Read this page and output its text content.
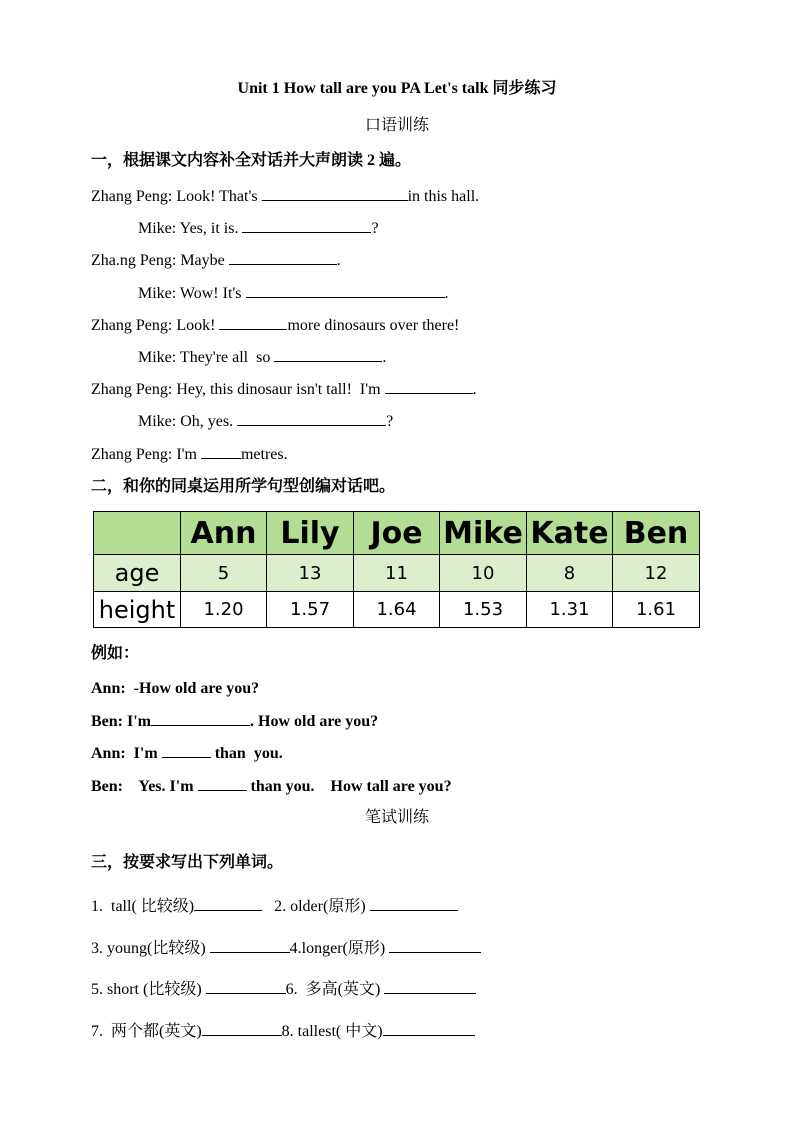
Unit 1 How tall are you PA Let's talk 同步练习
口语训练
一，根据课文内容补全对话并大声朗读 2 遍。
Zhang Peng: Look! That's	in this hall.
Mike: Yes, it is.	?
Zha.ng Peng: Maybe	.
Mike: Wow! It's	.
Zhang Peng: Look!	more dinosaurs over there!
Mike: They're all  so	.
Zhang Peng: Hey, this dinosaur isn't tall!  I'm	.
Mike: Oh, yes.	?
Zhang Peng: I'm	metres.
二，和你的同桌运用所学句型创编对话吧。
	Ann	Lily	Joe	Mike	Kate	Ben
age	5	13	11	10	8	12
height	1.20	1.57	1.64	1.53	1.31	1.61
例如：
Ann:  -How old are you?
Ben: I'm	. How old are you?
Ann:  I'm	than  you.
Ben:    Yes. I'm	than you.    How tall are you?
笔试训练
三，按要求写出下列单词。
1.  tall( 比较级)	2. older(原形)
3. young(比较级)	4.longer(原形)
5. short (比较级)	6.  多高(英文)
7.  两个都(英文)	8. tallest( 中文)
